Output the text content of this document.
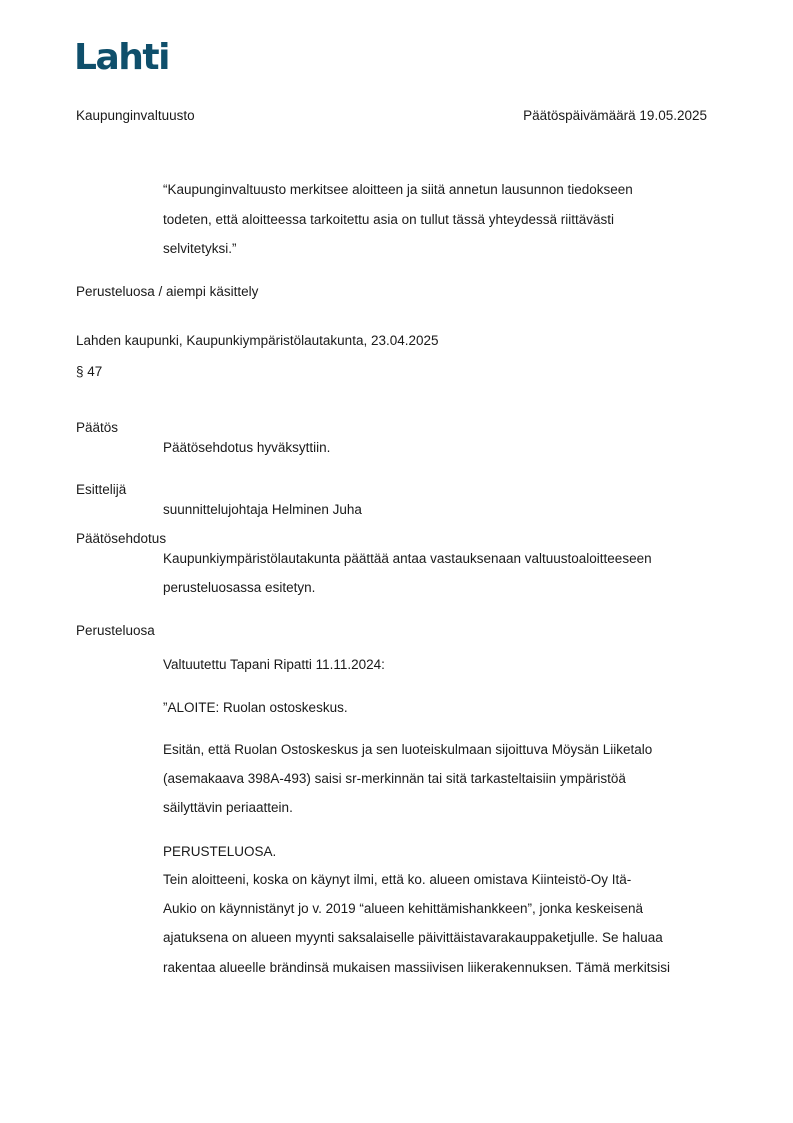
Lahti
Kaupunginvaltuusto	Päätöspäivämäärä 19.05.2025
“Kaupunginvaltuusto merkitsee aloitteen ja siitä annetun lausunnon tiedokseen
todeten, että aloitteessa tarkoitettu asia on tullut tässä yhteydessä riittävästi
selvitetyksi.”
Perusteluosa / aiempi käsittely
Lahden kaupunki, Kaupunkiympäristölautakunta, 23.04.2025
§ 47
Päätös
Päätösehdotus hyväksyttiin.
Esittelijä
suunnittelujohtaja Helminen Juha
Päätösehdotus
Kaupunkiympäristölautakunta päättää antaa vastauksenaan valtuustoaloitteeseen
perusteluosassa esitetyn.
Perusteluosa
Valtuutettu Tapani Ripatti 11.11.2024:
”ALOITE: Ruolan ostoskeskus.
Esitän, että Ruolan Ostoskeskus ja sen luoteiskulmaan sijoittuva Möysän Liiketalo
(asemakaava 398A-493) saisi sr-merkinnän tai sitä tarkasteltaisiin ympäristöä
säilyttävin periaattein.
PERUSTELUOSA.
Tein aloitteeni, koska on käynyt ilmi, että ko. alueen omistava Kiinteistö-Oy Itä-
Aukio on käynnistänyt jo v. 2019 “alueen kehittämishankkeen”, jonka keskeisenä
ajatuksena on alueen myynti saksalaiselle päivittäistavarakauppaketjulle. Se haluaa
rakentaa alueelle brändinsä mukaisen massiivisen liikerakennuksen. Tämä merkitsisi
